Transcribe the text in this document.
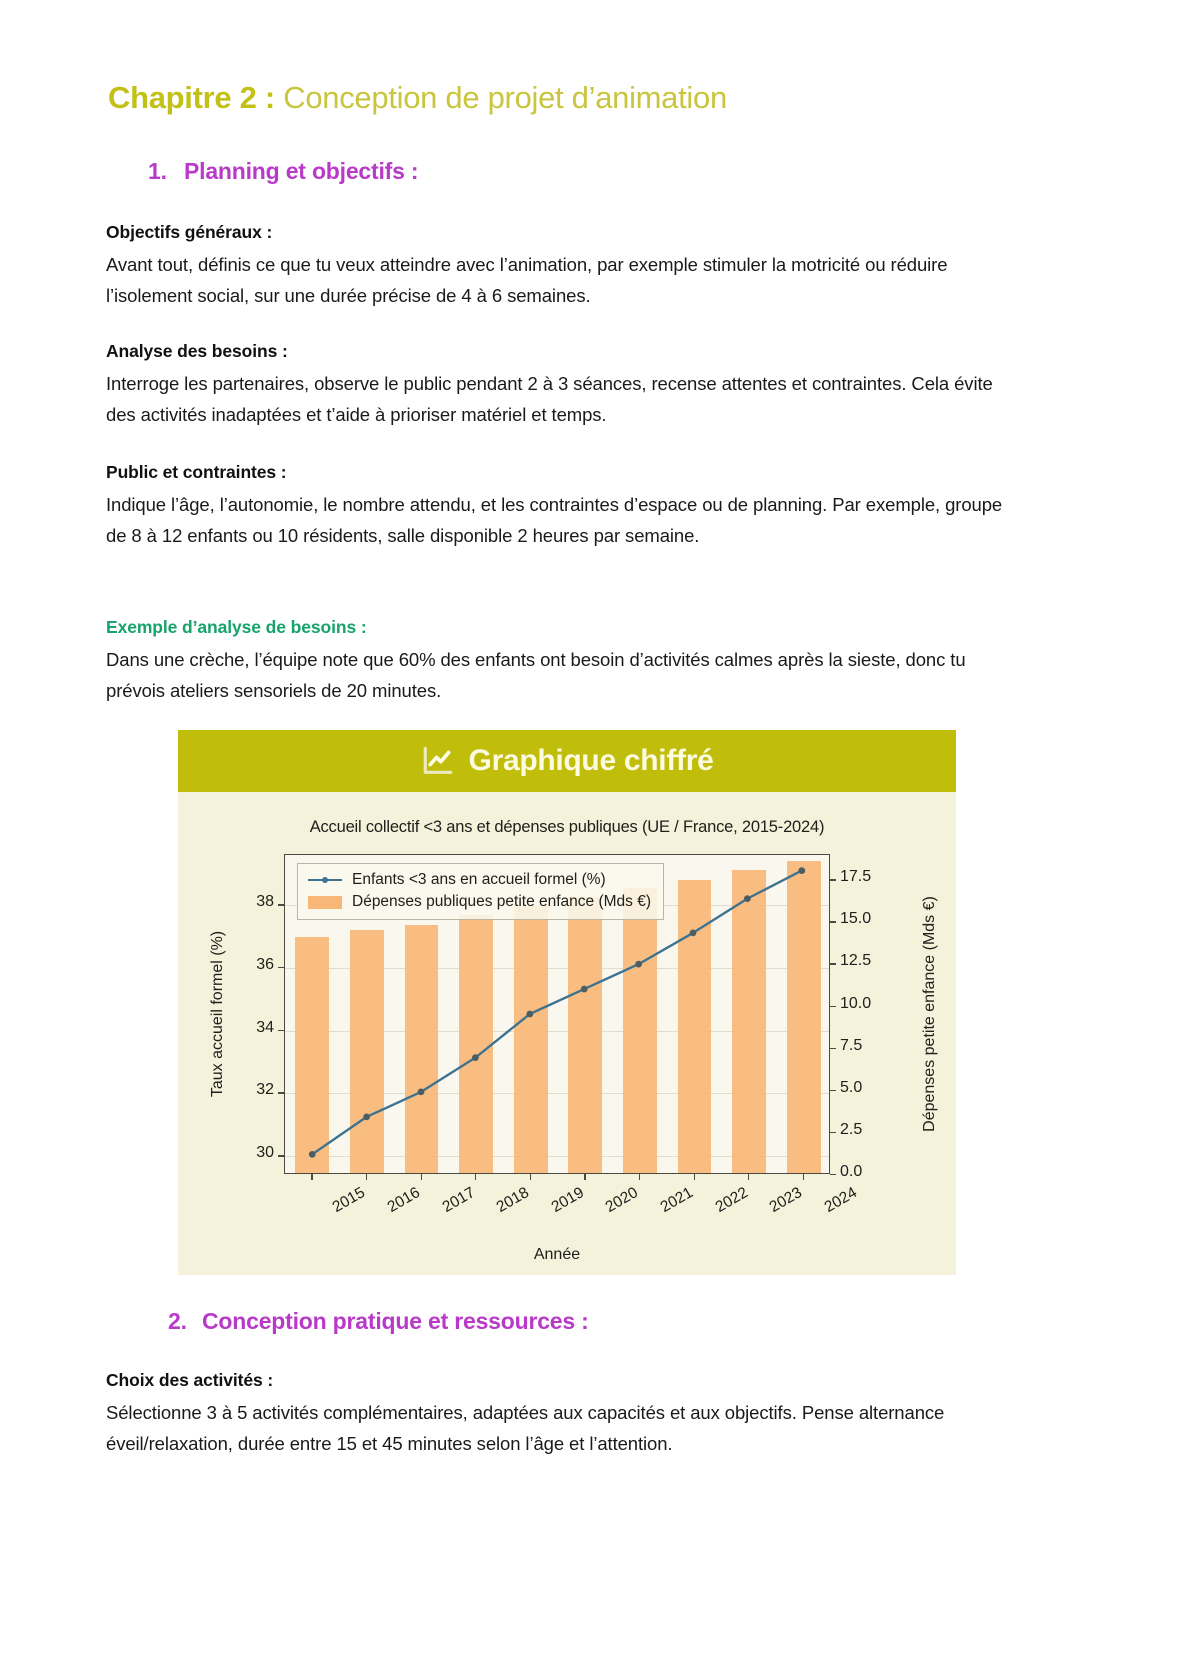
Chapitre 2 : Conception de projet d’animation
1. Planning et objectifs :
Objectifs généraux :

Avant tout, définis ce que tu veux atteindre avec l’animation, par exemple stimuler la motricité ou réduire l’isolement social, sur une durée précise de 4 à 6 semaines.

Analyse des besoins :

Interroge les partenaires, observe le public pendant 2 à 3 séances, recense attentes et contraintes. Cela évite des activités inadaptées et t’aide à prioriser matériel et temps.

Public et contraintes :

Indique l’âge, l’autonomie, le nombre attendu, et les contraintes d’espace ou de planning. Par exemple, groupe de 8 à 12 enfants ou 10 résidents, salle disponible 2 heures par semaine.

Exemple d’analyse de besoins :

Dans une crèche, l’équipe note que 60% des enfants ont besoin d’activités calmes après la sieste, donc tu prévois ateliers sensoriels de 20 minutes.

Graphique chiffré
Accueil collectif <3 ans et dépenses publiques (UE / France, 2015-2024)
Taux accueil formel (%)	Dépenses petite enfance (Mds €)
Enfants <3 ans en accueil formel (%)
Dépenses publiques petite enfance (Mds €)
30
32
34
36
38
0.0
2.5
5.0
7.5
10.0
12.5
15.0
17.5
2015 2016 2017 2018 2019 2020 2021 2022 2023 2024
Année
2. Conception pratique et ressources :
Choix des activités :

Sélectionne 3 à 5 activités complémentaires, adaptées aux capacités et aux objectifs. Pense alternance éveil/relaxation, durée entre 15 et 45 minutes selon l’âge et l’attention.
